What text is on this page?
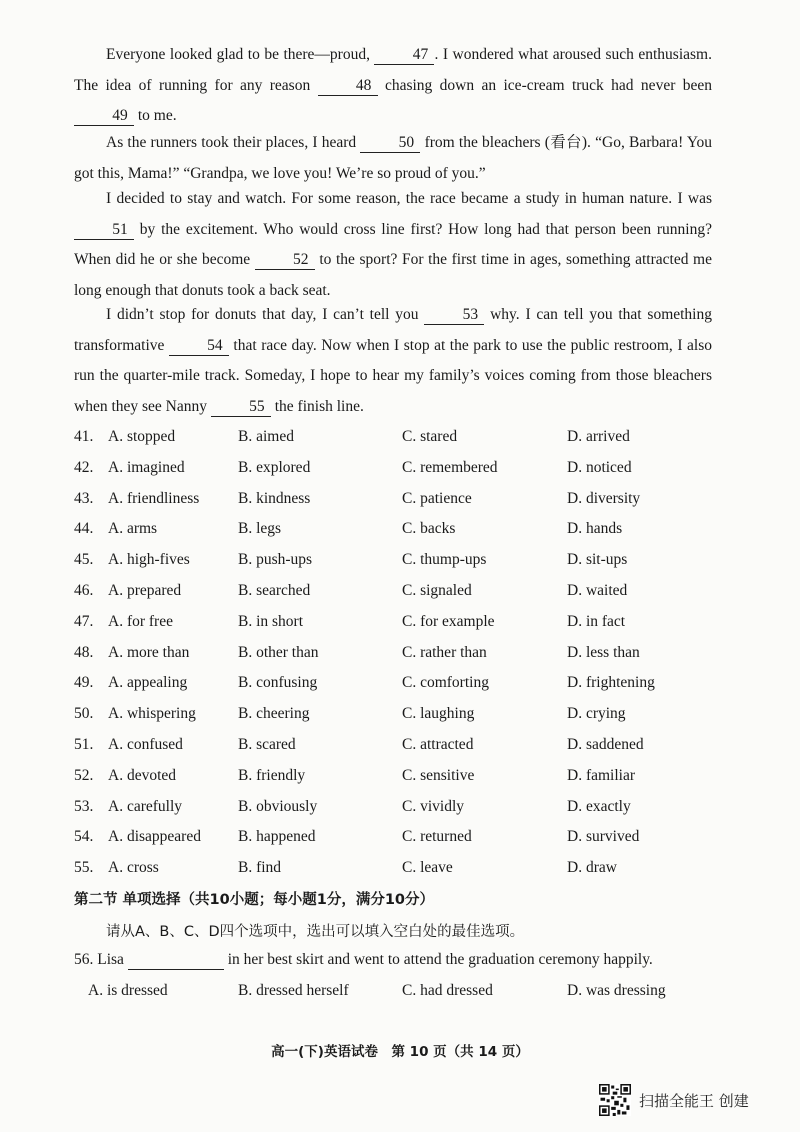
Everyone looked glad to be there—proud, 47 . I wondered what aroused such enthusiasm. The idea of running for any reason 48 chasing down an ice-cream truck had never been 49 to me.

As the runners took their places, I heard 50 from the bleachers (看台). “Go, Barbara! You got this, Mama!” “Grandpa, we love you! We’re so proud of you.”

I decided to stay and watch. For some reason, the race became a study in human nature. I was 51 by the excitement. Who would cross line first? How long had that person been running? When did he or she become 52 to the sport? For the first time in ages, something attracted me long enough that donuts took a back seat.

I didn’t stop for donuts that day, I can’t tell you 53 why. I can tell you that something transformative 54 that race day. Now when I stop at the park to use the public restroom, I also run the quarter-mile track. Someday, I hope to hear my family’s voices coming from those bleachers when they see Nanny 55 the finish line.

41. A. stopped	B. aimed	C. stared	D. arrived
42. A. imagined	B. explored	C. remembered	D. noticed
43. A. friendliness B. kindness	C. patience	D. diversity
44. A. arms	B. legs	C. backs	D. hands
45. A. high-fives	B. push-ups	C. thump-ups	D. sit-ups
46. A. prepared	B. searched	C. signaled	D. waited
47. A. for free	B. in short	C. for example	D. in fact
48. A. more than	B. other than	C. rather than	D. less than
49. A. appealing	B. confusing	C. comforting	D. frightening
50. A. whispering	B. cheering	C. laughing	D. crying
51. A. confused	B. scared	C. attracted	D. saddened
52. A. devoted	B. friendly	C. sensitive	D. familiar
53. A. carefully	B. obviously	C. vividly	D. exactly
54. A. disappeared B. happened	C. returned	D. survived
55. A. cross	B. find	C. leave	D. draw
第二节 单项选择（共10小题；每小题1分，满分10分）
请从A、B、C、D四个选项中，选出可以填入空白处的最佳选项。
56. Lisa	in her best skirt and went to attend the graduation ceremony happily.
A. is dressed	B. dressed herself	C. had dressed	D. was dressing
高一(下)英语试卷　第 10 页（共 14 页）
扫描全能王 创建
